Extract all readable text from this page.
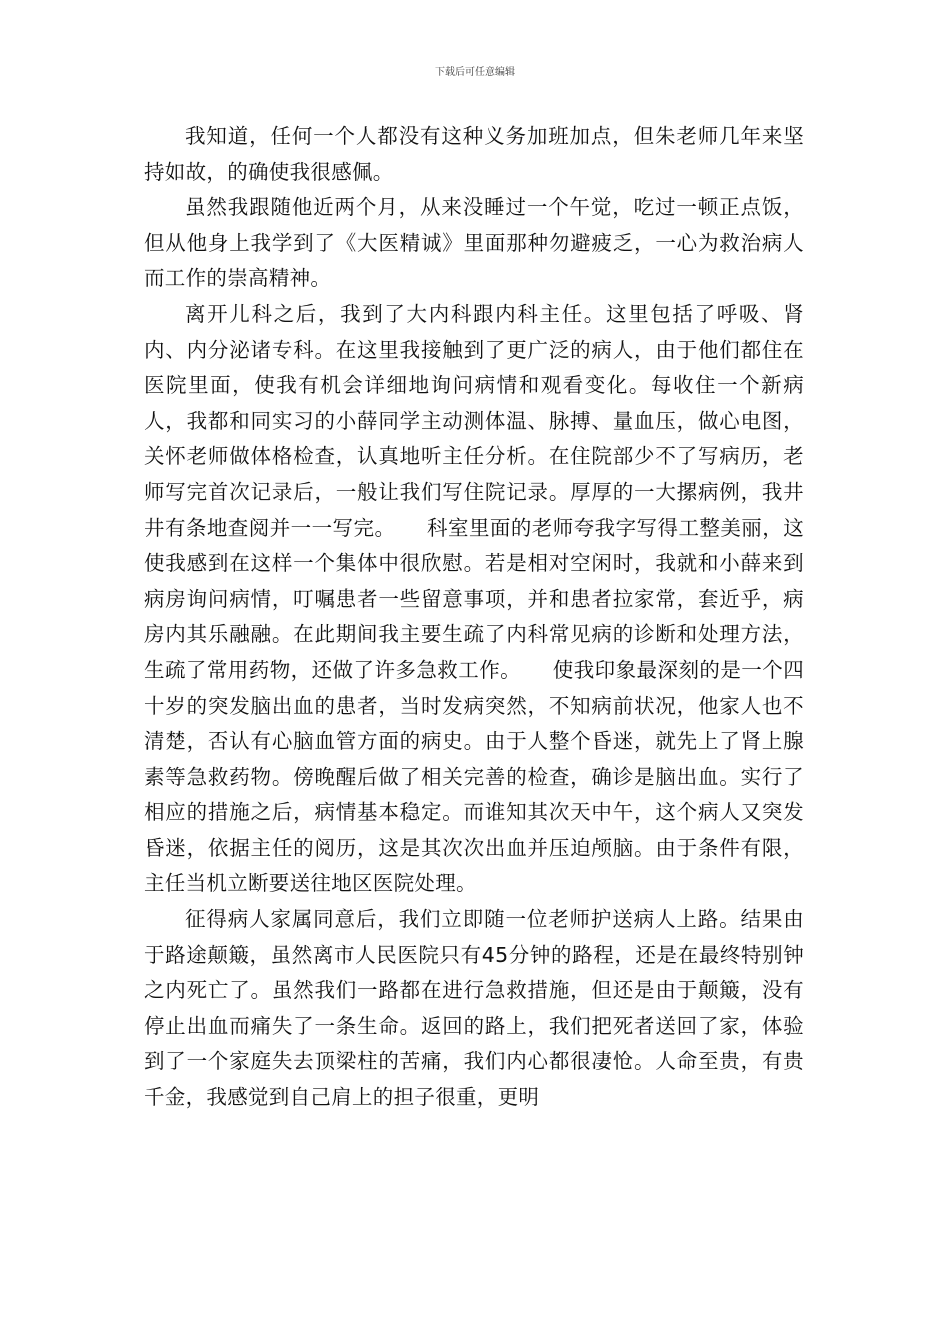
下载后可任意编辑

我知道，任何一个人都没有这种义务加班加点，但朱老师几年来坚持如故，的确使我很感佩。

虽然我跟随他近两个月，从来没睡过一个午觉，吃过一顿正点饭，但从他身上我学到了《大医精诚》里面那种勿避疲乏，一心为救治病人而工作的崇高精神。

离开儿科之后，我到了大内科跟内科主任。这里包括了呼吸、肾内、内分泌诸专科。在这里我接触到了更广泛的病人，由于他们都住在医院里面，使我有机会详细地询问病情和观看变化。每收住一个新病人，我都和同实习的小薛同学主动测体温、脉搏、量血压，做心电图，关怀老师做体格检查，认真地听主任分析。在住院部少不了写病历，老师写完首次记录后，一般让我们写住院记录。厚厚的一大摞病例，我井井有条地查阅并一一写完。　　科室里面的老师夸我字写得工整美丽，这使我感到在这样一个集体中很欣慰。若是相对空闲时，我就和小薛来到病房询问病情，叮嘱患者一些留意事项，并和患者拉家常，套近乎，病房内其乐融融。在此期间我主要生疏了内科常见病的诊断和处理方法，生疏了常用药物，还做了许多急救工作。　　使我印象最深刻的是一个四十岁的突发脑出血的患者，当时发病突然，不知病前状况，他家人也不清楚，否认有心脑血管方面的病史。由于人整个昏迷，就先上了肾上腺素等急救药物。傍晚醒后做了相关完善的检查，确诊是脑出血。实行了相应的措施之后，病情基本稳定。而谁知其次天中午，这个病人又突发昏迷，依据主任的阅历，这是其次次出血并压迫颅脑。由于条件有限，主任当机立断要送往地区医院处理。

征得病人家属同意后，我们立即随一位老师护送病人上路。结果由于路途颠簸，虽然离市人民医院只有45分钟的路程，还是在最终特别钟之内死亡了。虽然我们一路都在进行急救措施，但还是由于颠簸，没有停止出血而痛失了一条生命。返回的路上，我们把死者送回了家，体验到了一个家庭失去顶梁柱的苦痛，我们内心都很凄怆。人命至贵，有贵千金，我感觉到自己肩上的担子很重，更明
